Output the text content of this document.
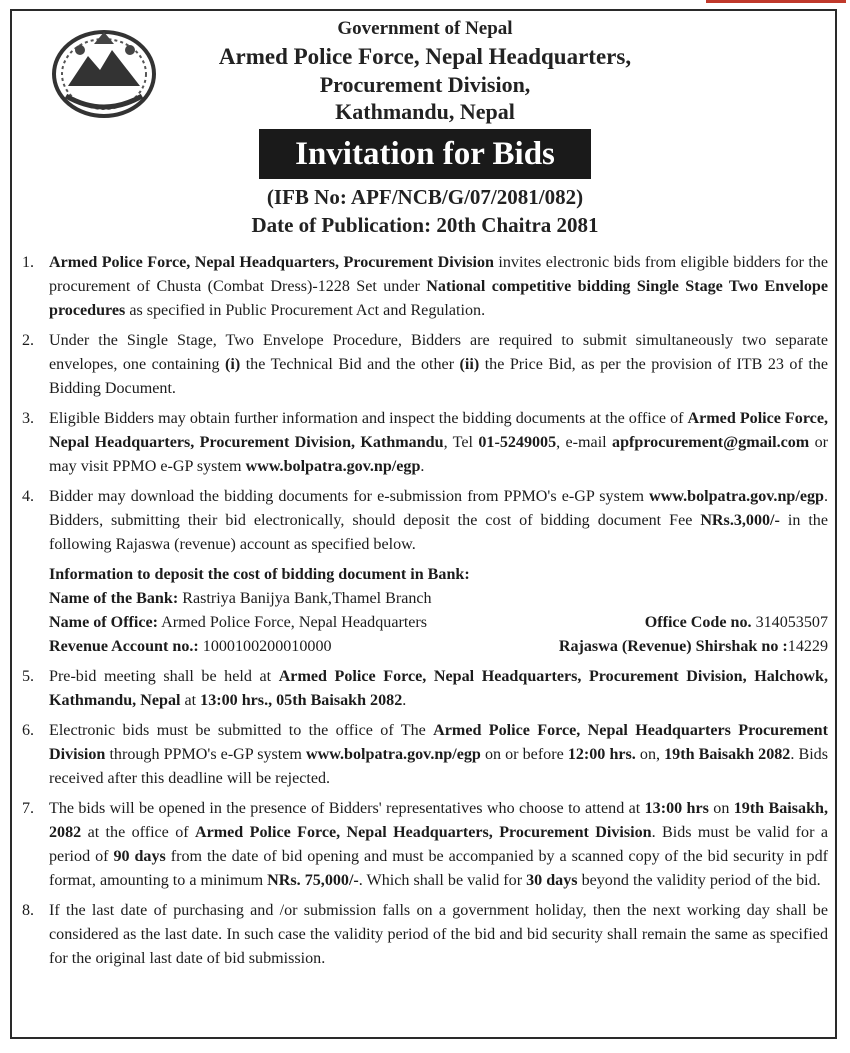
Government of Nepal
Armed Police Force, Nepal Headquarters,
Procurement Division,
Kathmandu, Nepal
Invitation for Bids
(IFB No: APF/NCB/G/07/2081/082)
Date of Publication: 20th Chaitra 2081
1. Armed Police Force, Nepal Headquarters, Procurement Division invites electronic bids from eligible bidders for the procurement of Chusta (Combat Dress)-1228 Set under National competitive bidding Single Stage Two Envelope procedures as specified in Public Procurement Act and Regulation.
2. Under the Single Stage, Two Envelope Procedure, Bidders are required to submit simultaneously two separate envelopes, one containing (i) the Technical Bid and the other (ii) the Price Bid, as per the provision of ITB 23 of the Bidding Document.
3. Eligible Bidders may obtain further information and inspect the bidding documents at the office of Armed Police Force, Nepal Headquarters, Procurement Division, Kathmandu, Tel 01-5249005, e-mail apfprocurement@gmail.com or may visit PPMO e-GP system www.bolpatra.gov.np/egp.
4. Bidder may download the bidding documents for e-submission from PPMO's e-GP system www.bolpatra.gov.np/egp. Bidders, submitting their bid electronically, should deposit the cost of bidding document Fee NRs.3,000/- in the following Rajaswa (revenue) account as specified below.
Information to deposit the cost of bidding document in Bank:
Name of the Bank: Rastriya Banijya Bank,Thamel Branch
Name of Office: Armed Police Force, Nepal Headquarters	Office Code no. 314053507
Revenue Account no.: 1000100200010000	Rajaswa (Revenue) Shirshak no :14229
5. Pre-bid meeting shall be held at Armed Police Force, Nepal Headquarters, Procurement Division, Halchowk, Kathmandu, Nepal at 13:00 hrs., 05th Baisakh 2082.
6. Electronic bids must be submitted to the office of The Armed Police Force, Nepal Headquarters Procurement Division through PPMO's e-GP system www.bolpatra.gov.np/egp on or before 12:00 hrs. on, 19th Baisakh 2082. Bids received after this deadline will be rejected.
7. The bids will be opened in the presence of Bidders' representatives who choose to attend at 13:00 hrs on 19th Baisakh, 2082 at the office of Armed Police Force, Nepal Headquarters, Procurement Division. Bids must be valid for a period of 90 days from the date of bid opening and must be accompanied by a scanned copy of the bid security in pdf format, amounting to a minimum NRs. 75,000/-. Which shall be valid for 30 days beyond the validity period of the bid.
8. If the last date of purchasing and /or submission falls on a government holiday, then the next working day shall be considered as the last date. In such case the validity period of the bid and bid security shall remain the same as specified for the original last date of bid submission.
